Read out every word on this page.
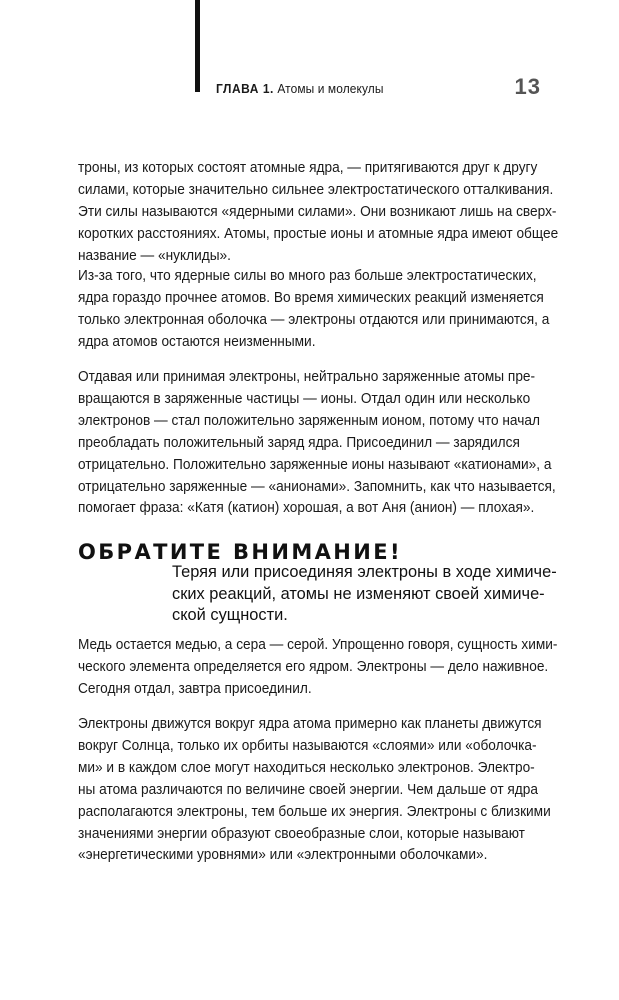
ГЛАВА 1. Атомы и молекулы	13
троны, из которых состоят атомные ядра, — притягиваются друг к другу
силами, которые значительно сильнее электростатического отталкивания.
Эти силы называются «ядерными силами». Они возникают лишь на сверх-
коротких расстояниях. Атомы, простые ионы и атомные ядра имеют общее
название — «нуклиды».
Из-за того, что ядерные силы во много раз больше электростатических,
ядра гораздо прочнее атомов. Во время химических реакций изменяется
только электронная оболочка — электроны отдаются или принимаются, а
ядра атомов остаются неизменными.
Отдавая или принимая электроны, нейтрально заряженные атомы пре-
вращаются в заряженные частицы — ионы. Отдал один или несколько
электронов — стал положительно заряженным ионом, потому что начал
преобладать положительный заряд ядра. Присоединил — зарядился
отрицательно. Положительно заряженные ионы называют «катионами», а
отрицательно заряженные — «анионами». Запомнить, как что называется,
помогает фраза: «Катя (катион) хорошая, а вот Аня (анион) — плохая».
ОБРАТИТЕ ВНИМАНИЕ!
Теряя или присоединяя электроны в ходе химиче-
ских реакций, атомы не изменяют своей химиче-
ской сущности.
Медь остается медью, а сера — серой. Упрощенно говоря, сущность хими-
ческого элемента определяется его ядром. Электроны — дело наживное.
Сегодня отдал, завтра присоединил.
Электроны движутся вокруг ядра атома примерно как планеты движутся
вокруг Солнца, только их орбиты называются «слоями» или «оболочка-
ми» и в каждом слое могут находиться несколько электронов. Электро-
ны атома различаются по величине своей энергии. Чем дальше от ядра
располагаются электроны, тем больше их энергия. Электроны с близкими
значениями энергии образуют своеобразные слои, которые называют
«энергетическими уровнями» или «электронными оболочками».
